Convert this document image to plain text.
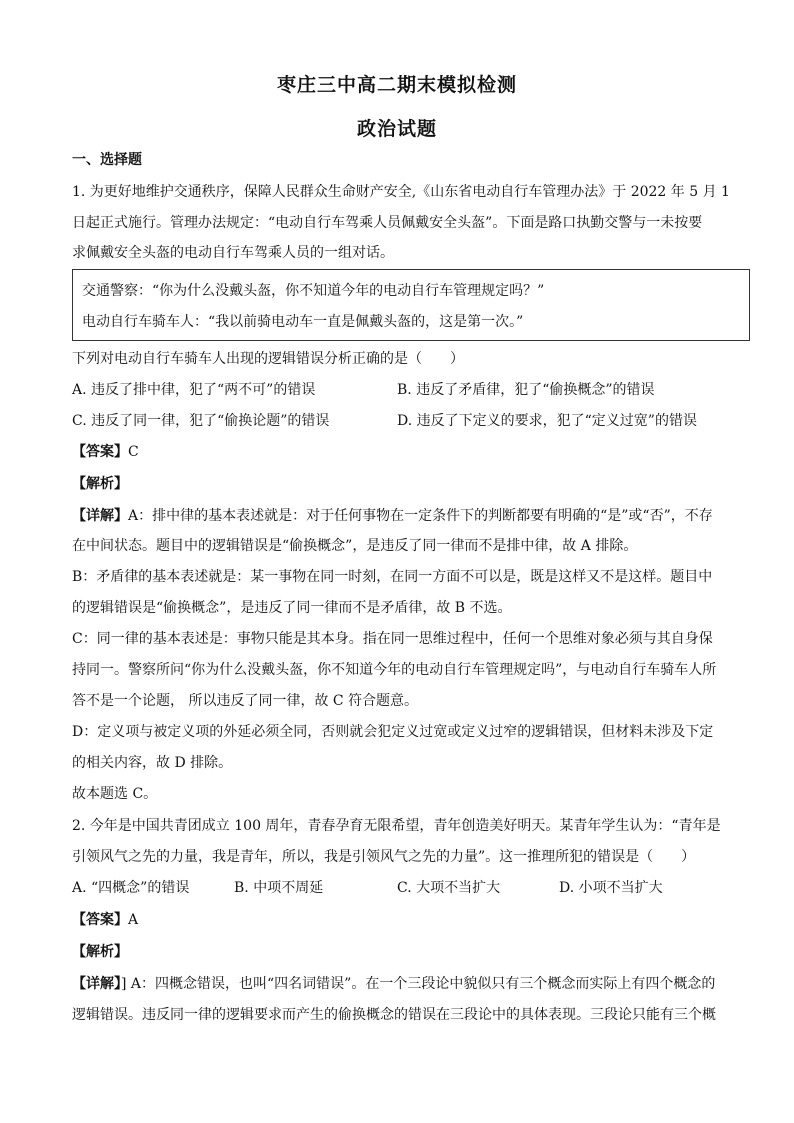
枣庄三中高二期末模拟检测
政治试题
一、选择题
1. 为更好地维护交通秩序，保障人民群众生命财产安全,《山东省电动自行车管理办法》于 2022 年 5 月 1
日起正式施行。管理办法规定：“电动自行车驾乘人员佩戴安全头盔”。下面是路口执勤交警与一未按要
求佩戴安全头盔的电动自行车驾乘人员的一组对话。
交通警察：“你为什么没戴头盔，你不知道今年的电动自行车管理规定吗？”
电动自行车骑车人：“我以前骑电动车一直是佩戴头盔的，这是第一次。”
下列对电动自行车骑车人出现的逻辑错误分析正确的是（　　）
A. 违反了排中律，犯了“两不可”的错误	B. 违反了矛盾律，犯了“偷换概念”的错误
C. 违反了同一律，犯了“偷换论题”的错误	D. 违反了下定义的要求，犯了“定义过宽”的错误
【答案】C
【解析】
【详解】A：排中律的基本表述就是：对于任何事物在一定条件下的判断都要有明确的“是”或“否”，不存
在中间状态。题目中的逻辑错误是“偷换概念”，是违反了同一律而不是排中律，故 A 排除。
B：矛盾律的基本表述就是：某一事物在同一时刻，在同一方面不可以是，既是这样又不是这样。题目中
的逻辑错误是“偷换概念”，是违反了同一律而不是矛盾律，故 B 不选。
C：同一律的基本表述是：事物只能是其本身。指在同一思维过程中，任何一个思维对象必须与其自身保
持同一。警察所问“你为什么没戴头盔，你不知道今年的电动自行车管理规定吗”，与电动自行车骑车人所
答不是一个论题， 所以违反了同一律，故 C 符合题意。
D：定义项与被定义项的外延必须全同，否则就会犯定义过宽或定义过窄的逻辑错误，但材料未涉及下定
的相关内容，故 D 排除。
故本题选 C。
2. 今年是中国共青团成立 100 周年，青春孕育无限希望，青年创造美好明天。某青年学生认为：“青年是
引领风气之先的力量，我是青年，所以，我是引领风气之先的力量”。这一推理所犯的错误是（　　）
A. “四概念”的错误	B. 中项不周延	C. 大项不当扩大	D. 小项不当扩大
【答案】A
【解析】
【详解】] A：四概念错误，也叫“四名词错误”。在一个三段论中貌似只有三个概念而实际上有四个概念的
逻辑错误。违反同一律的逻辑要求而产生的偷换概念的错误在三段论中的具体表现。三段论只能有三个概
